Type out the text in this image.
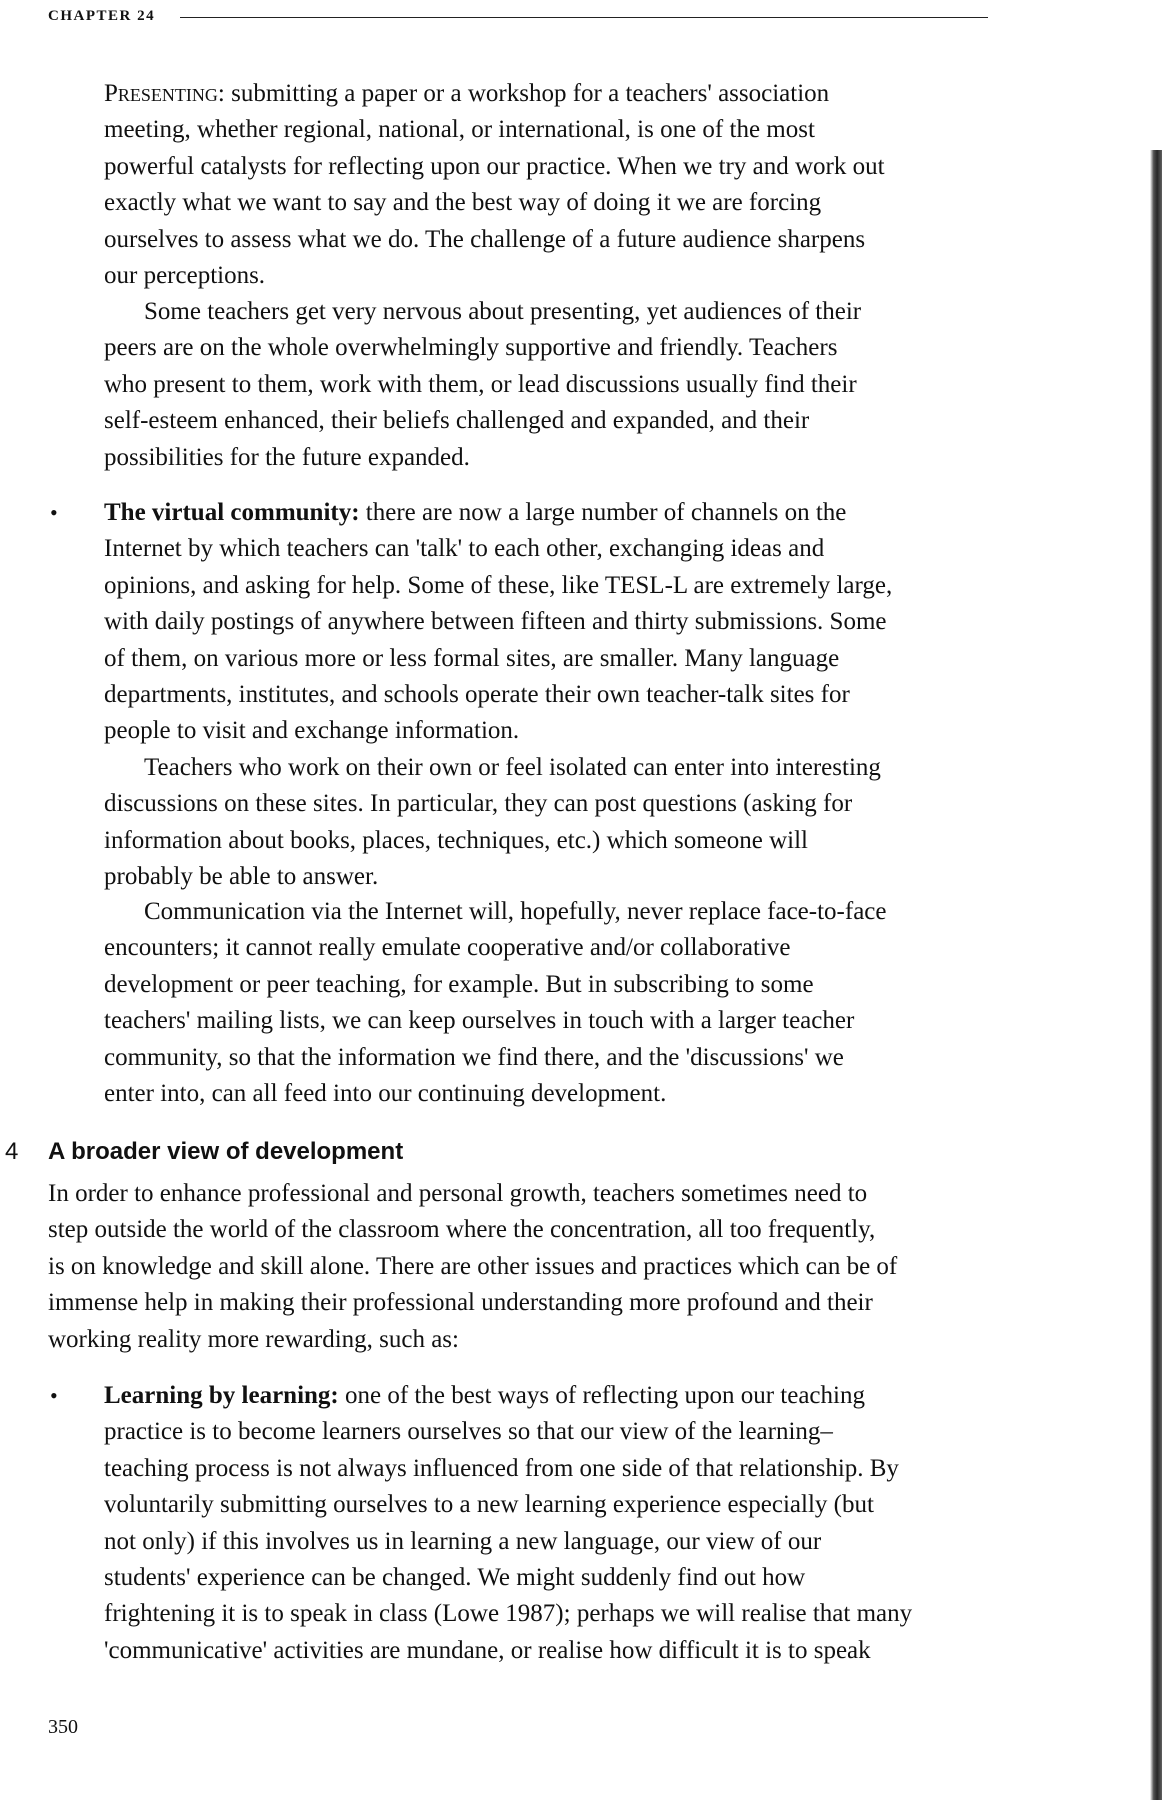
CHAPTER 24
Presenting: submitting a paper or a workshop for a teachers' association
meeting, whether regional, national, or international, is one of the most
powerful catalysts for reflecting upon our practice. When we try and work out
exactly what we want to say and the best way of doing it we are forcing
ourselves to assess what we do. The challenge of a future audience sharpens
our perceptions.
Some teachers get very nervous about presenting, yet audiences of their
peers are on the whole overwhelmingly supportive and friendly. Teachers
who present to them, work with them, or lead discussions usually find their
self-esteem enhanced, their beliefs challenged and expanded, and their
possibilities for the future expanded.
• The virtual community: there are now a large number of channels on the
Internet by which teachers can 'talk' to each other, exchanging ideas and
opinions, and asking for help. Some of these, like TESL-L are extremely large,
with daily postings of anywhere between fifteen and thirty submissions. Some
of them, on various more or less formal sites, are smaller. Many language
departments, institutes, and schools operate their own teacher-talk sites for
people to visit and exchange information.
Teachers who work on their own or feel isolated can enter into interesting
discussions on these sites. In particular, they can post questions (asking for
information about books, places, techniques, etc.) which someone will
probably be able to answer.
Communication via the Internet will, hopefully, never replace face-to-face
encounters; it cannot really emulate cooperative and/or collaborative
development or peer teaching, for example. But in subscribing to some
teachers' mailing lists, we can keep ourselves in touch with a larger teacher
community, so that the information we find there, and the 'discussions' we
enter into, can all feed into our continuing development.
4 A broader view of development
In order to enhance professional and personal growth, teachers sometimes need to
step outside the world of the classroom where the concentration, all too frequently,
is on knowledge and skill alone. There are other issues and practices which can be of
immense help in making their professional understanding more profound and their
working reality more rewarding, such as:
• Learning by learning: one of the best ways of reflecting upon our teaching
practice is to become learners ourselves so that our view of the learning–
teaching process is not always influenced from one side of that relationship. By
voluntarily submitting ourselves to a new learning experience especially (but
not only) if this involves us in learning a new language, our view of our
students' experience can be changed. We might suddenly find out how
frightening it is to speak in class (Lowe 1987); perhaps we will realise that many
'communicative' activities are mundane, or realise how difficult it is to speak
350
